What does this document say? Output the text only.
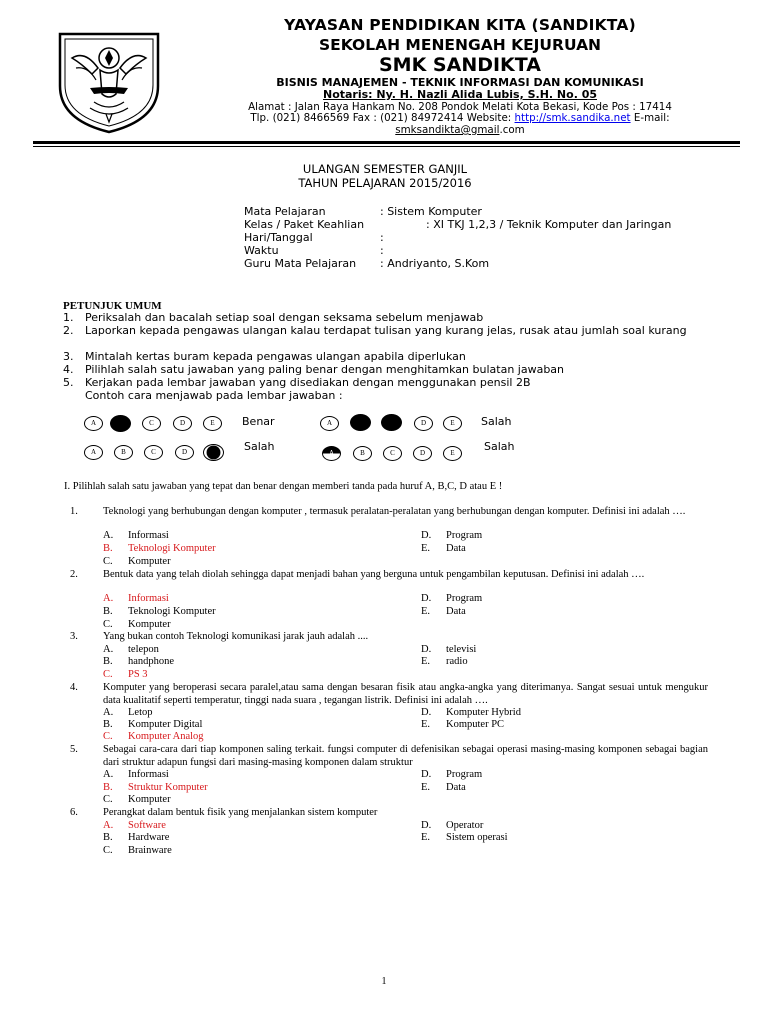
YAYASAN PENDIDIKAN KITA (SANDIKTA)
SEKOLAH MENENGAH KEJURUAN
SMK SANDIKTA
BISNIS MANAJEMEN - TEKNIK INFORMASI DAN KOMUNIKASI
Notaris: Ny. H. Nazli Alida Lubis, S.H. No. 05
Alamat : Jalan Raya Hankam No. 208 Pondok Melati Kota Bekasi, Kode Pos : 17414
Tlp. (021) 8466569 Fax : (021) 84972414 Website: http://smk.sandika.net E-mail:
smksandikta@gmail.com
ULANGAN SEMESTER GANJIL
TAHUN PELAJARAN 2015/2016
Mata Pelajaran	: Sistem Komputer
Kelas / Paket Keahlian	: XI TKJ 1,2,3 / Teknik Komputer dan Jaringan
Hari/Tanggal	:
Waktu	:
Guru Mata Pelajaran : Andriyanto, S.Kom
PETUNJUK UMUM
1. Periksalah dan bacalah setiap soal dengan seksama sebelum menjawab
2. Laporkan kepada pengawas ulangan kalau terdapat tulisan yang kurang jelas, rusak atau jumlah soal kurang
3. Mintalah kertas buram kepada pengawas ulangan apabila diperlukan
4. Pilihlah salah satu jawaban yang paling benar dengan menghitamkan bulatan jawaban
5. Kerjakan pada lembar jawaban yang disediakan dengan menggunakan pensil 2B
Contoh cara menjawab pada lembar jawaban :
A	C	D	E	Benar	A	D	E	Salah
A	B	C	D	Salah	A	B	C	D	E	Salah
I. Pilihlah salah satu jawaban yang tepat dan benar dengan memberi tanda pada huruf A, B,C, D atau E !
1. Teknologi yang berhubungan dengan komputer , termasuk peralatan-peralatan yang berhubungan dengan komputer. Definisi ini adalah ….
A. Informasi
B. Teknologi Komputer
C. Komputer
D. Program
E. Data
2. Bentuk data yang telah diolah sehingga dapat menjadi bahan yang berguna untuk pengambilan keputusan. Definisi ini adalah ….
A. Informasi
B. Teknologi Komputer
C. Komputer
D. Program
E. Data
3. Yang bukan contoh Teknologi komunikasi jarak jauh adalah ....
A. telepon
B. handphone
C. PS 3
D. televisi
E. radio
4. Komputer yang beroperasi secara paralel,atau sama dengan besaran fisik atau angka-angka yang diterimanya. Sangat sesuai untuk mengukur data kualitatif seperti temperatur, tinggi nada suara , tegangan listrik. Definisi ini adalah ….
A. Letop
B. Komputer Digital
C. Komputer Analog
D. Komputer Hybrid
E. Komputer PC
5. Sebagai cara-cara dari tiap komponen saling terkait. fungsi computer di defenisikan sebagai operasi masing-masing komponen sebagai bagian dari struktur adapun fungsi dari masing-masing komponen dalam struktur
A. Informasi
B. Struktur Komputer
C. Komputer
D. Program
E. Data
6. Perangkat dalam bentuk fisik yang menjalankan sistem komputer
A. Software
B. Hardware
C. Brainware
D. Operator
E. Sistem operasi
1
